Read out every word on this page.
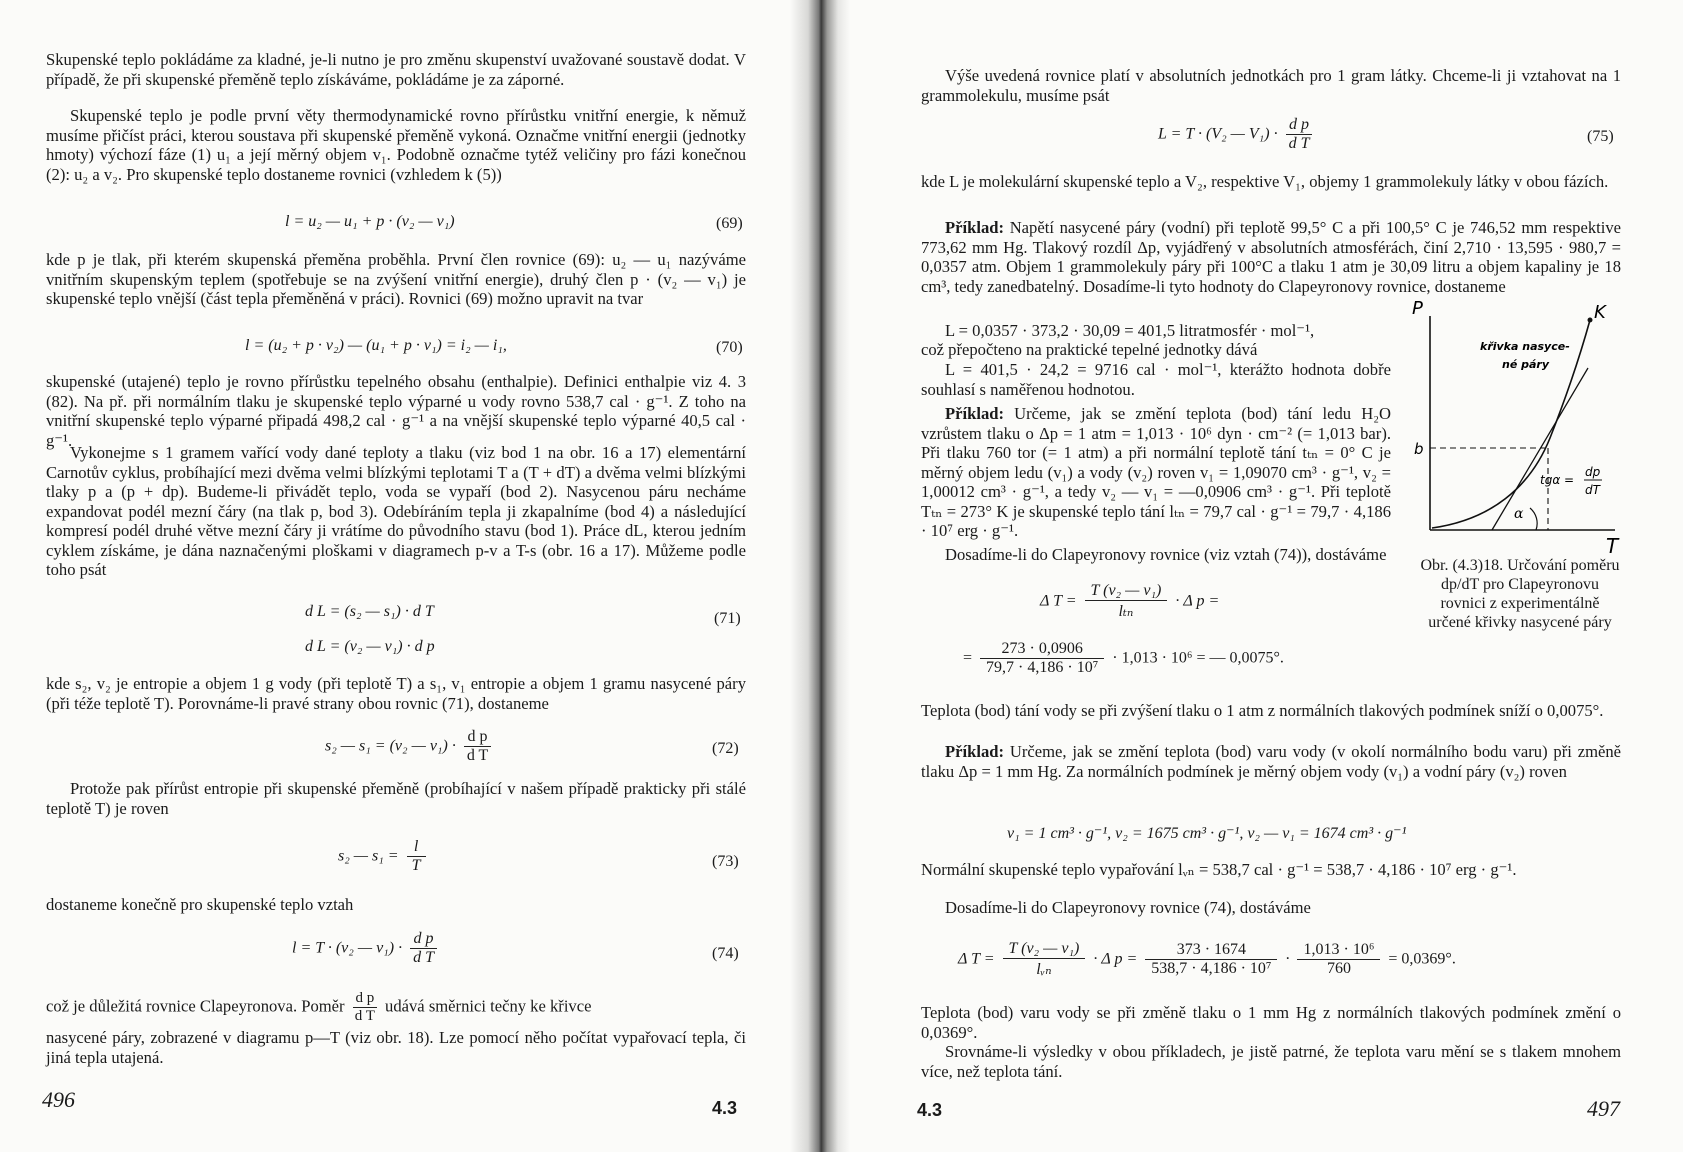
Skupenské teplo pokládáme za kladné, je-li nutno je pro změnu skupenství uvažované soustavě dodat. V případě, že při skupenské přeměně teplo získáváme, pokládáme je za záporné.
Skupenské teplo je podle první věty thermodynamické rovno přírůstku vnitřní energie, k němuž musíme přičíst práci, kterou soustava při skupenské přeměně vykoná. Označme vnitřní energii (jednotky hmoty) výchozí fáze (1) u₁ a její měrný objem v₁. Podobně označme tytéž veličiny pro fázi konečnou (2): u₂ a v₂. Pro skupenské teplo dostaneme rovnici (vzhledem k (5))
l = u₂ — u₁ + p · (v₂ — v₁)	(69)
kde p je tlak, při kterém skupenská přeměna proběhla. První člen rovnice (69): u₂ — u₁ nazýváme vnitřním skupenským teplem (spotřebuje se na zvýšení vnitřní energie), druhý člen p · (v₂ — v₁) je skupenské teplo vnější (část tepla přeměněná v práci). Rovnici (69) možno upravit na tvar
l = (u₂ + p · v₂) — (u₁ + p · v₁) = i₂ — i₁,	(70)
skupenské (utajené) teplo je rovno přírůstku tepelného obsahu (enthalpie). Definici enthalpie viz 4. 3 (82). Na př. při normálním tlaku je skupenské teplo výparné u vody rovno 538,7 cal · g⁻¹. Z toho na vnitřní skupenské teplo výparné připadá 498,2 cal · g⁻¹ a na vnější skupenské teplo výparné 40,5 cal · g⁻¹.
Vykonejme s 1 gramem vařící vody dané teploty a tlaku (viz bod 1 na obr. 16 a 17) elementární Carnotův cyklus, probíhající mezi dvěma velmi blízkými teplotami T a (T + dT) a dvěma velmi blízkými tlaky p a (p + dp). Budeme-li přivádět teplo, voda se vypaří (bod 2). Nasycenou páru necháme expandovat podél mezní čáry (na tlak p, bod 3). Odebíráním tepla ji zkapalníme (bod 4) a následující kompresí podél druhé větve mezní čáry ji vrátíme do původního stavu (bod 1). Práce dL, kterou jedním cyklem získáme, je dána naznačenými ploškami v diagramech p-v a T-s (obr. 16 a 17). Můžeme podle toho psát
d L = (s₂ — s₁) · d T
d L = (v₂ — v₁) · d p
(71)
kde s₂, v₂ je entropie a objem 1 g vody (při teplotě T) a s₁, v₁ entropie a objem 1 gramu nasycené páry (při téže teplotě T). Porovnáme-li pravé strany obou rovnic (71), dostaneme
s₂ — s₁ = (v₂ — $v_1) \cdot \frac{\text{d p}}{\text{d T}}$	(72)
Protože pak přírůst entropie při skupenské přeměně (probíhající v našem případě prakticky při stálé teplotě T) je roven
s₂ — $s_1 = \frac{l}{T}$	(73)
dostaneme konečně pro skupenské teplo vztah
l = T · (v₂ — $v_1) \cdot \frac{\text{d p}}{\text{d T}}$	(74)
což je důležitá rovnice Clapeyronova. Poměr $\frac{\text{d p}}{\text{d T}}$ udává směrnici tečny ke křivce
nasycené páry, zobrazené v diagramu p—T (viz obr. 18). Lze pomocí něho počítat vypařovací tepla, či jiná tepla utajená.
496	4.3
Výše uvedená rovnice platí v absolutních jednotkách pro 1 gram látky. Chceme-li ji vztahovat na 1 grammolekulu, musíme psát
L = T · (V₂ — $V_1) \cdot \frac{\text{d p}}{\text{d T}}$	(75)
kde L je molekulární skupenské teplo a V₂, respektive V₁, objemy 1 grammolekuly látky v obou fázích.
Příklad: Napětí nasycené páry (vodní) při teplotě 99,5° C a při 100,5° C je 746,52 mm respektive 773,62 mm Hg. Tlakový rozdíl Δp, vyjádřený v absolutních atmosférách, činí 2,710 · 13,595 · 980,7 = 0,0357 atm. Objem 1 grammolekuly páry při 100°C a tlaku 1 atm je 30,09 litru a objem kapaliny je 18 cm³, tedy zanedbatelný. Dosadíme-li tyto hodnoty do Clapeyronovy rovnice, dostaneme
L = 0,0357 · 373,2 · 30,09 = 401,5 litratmosfér · mol⁻¹,
což přepočteno na praktické tepelné jednotky dává
L = 401,5 · 24,2 = 9716 cal · mol⁻¹, kterážto hodnota dobře souhlasí s naměřenou hodnotou.
Příklad: Určeme, jak se změní teplota (bod) tání ledu H₂O vzrůstem tlaku o Δp = 1 atm = 1,013 · 10⁶ dyn · cm⁻² (= 1,013 bar). Při tlaku 760 tor (= 1 atm) a při normální teplotě tání tₜₙ = 0° C je měrný objem ledu (v₁) a vody (v₂) roven v₁ = 1,09070 cm³ · g⁻¹, v₂ = 1,00012 cm³ · g⁻¹, a tedy v₂ — v₁ = —0,0906 cm³ · g⁻¹. Při teplotě Tₜₙ = 273° K je skupenské teplo tání lₜₙ = 79,7 cal · g⁻¹ = 79,7 · 4,186 · 10⁷ erg · g⁻¹.
Dosadíme-li do Clapeyronovy rovnice (viz vztah (74)), dostáváme
Δ T =
T (v₂ — v₁)
lₜₙ
· Δ p =
= $\frac{273 \cdot 0,0906}{\text{79,7 · 4,186 · 10⁷}} \cdot 1,013 \cdot 10^6$ = — 0,0075°.
Teplota (bod) tání vody se při zvýšení tlaku o 1 atm z normálních tlakových podmínek sníží o 0,0075°.
Příklad: Určeme, jak se změní teplota (bod) varu vody (v okolí normálního bodu varu) při změně tlaku Δp = 1 mm Hg. Za normálních podmínek je měrný objem vody (v₁) a vodní páry (v₂) roven
v₁ = 1 cm³ · g⁻¹, v₂ = 1675 cm³ · g⁻¹, v₂ — v₁ = 1674 cm³ · g⁻¹
Normální skupenské teplo vypařování lᵥₙ = 538,7 cal · g⁻¹ = 538,7 · 4,186 · 10⁷ erg · g⁻¹.
Dosadíme-li do Clapeyronovy rovnice (74), dostáváme
Δ T =
T (v₂ — v₁)
lᵥₙ
· Δ $p = \frac{373 \cdot 1674}{\text{538,7 · 4,186 · 10⁷}} \cdot \frac{\text{1,013 · 10⁶}}{760} = 0,0369^\circ$.
Teplota (bod) varu vody se při změně tlaku o 1 mm Hg z normálních tlakových podmínek změní o 0,0369°.
Srovnáme-li výsledky v obou příkladech, je jistě patrné, že teplota varu mění se s tlakem mnohem více, než teplota tání.
P
T
K
b
křivka nasyce-
né páry
tgα =
dp
dT
α
Obr. (4.3)18. Určování poměru dp/dT pro Clapeyronovu rovnici z experimentálně určené křivky nasycené páry
4.3	497
